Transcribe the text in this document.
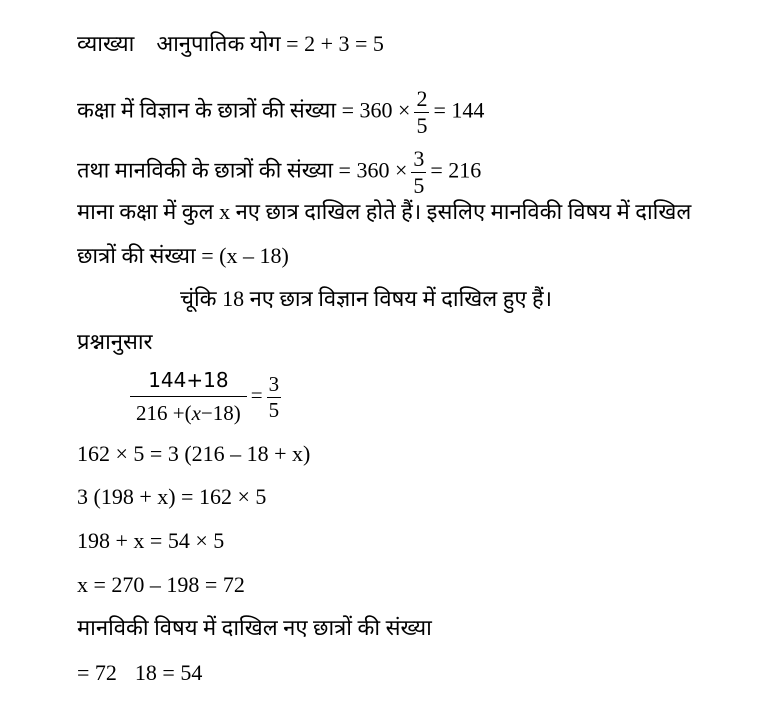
व्याख्या आनुपातिक योग = 2 + 3 = 5
कक्षा में विज्ञान के छात्रों की संख्या = $360 \times \frac{2}{5} = 144$
तथा मानविकी के छात्रों की संख्या = $360 \times \frac{3}{5} = 216$
माना कक्षा में कुल x नए छात्र दाखिल होते हैं। इसलिए मानविकी विषय में दाखिल
छात्रों की संख्या = (x – 18)
चूंकि 18 नए छात्र विज्ञान विषय में दाखिल हुए हैं।
प्रश्नानुसार
$\frac{144+18}{216 +(x-18)} = \frac{3}{5}$
162 × 5 = 3 (216 – 18 + x)
3 (198 + x) = 162 × 5
198 + x = 54 × 5
x = 270 – 198 = 72
मानविकी विषय में दाखिल नए छात्रों की संख्या
= 72 18 = 54
